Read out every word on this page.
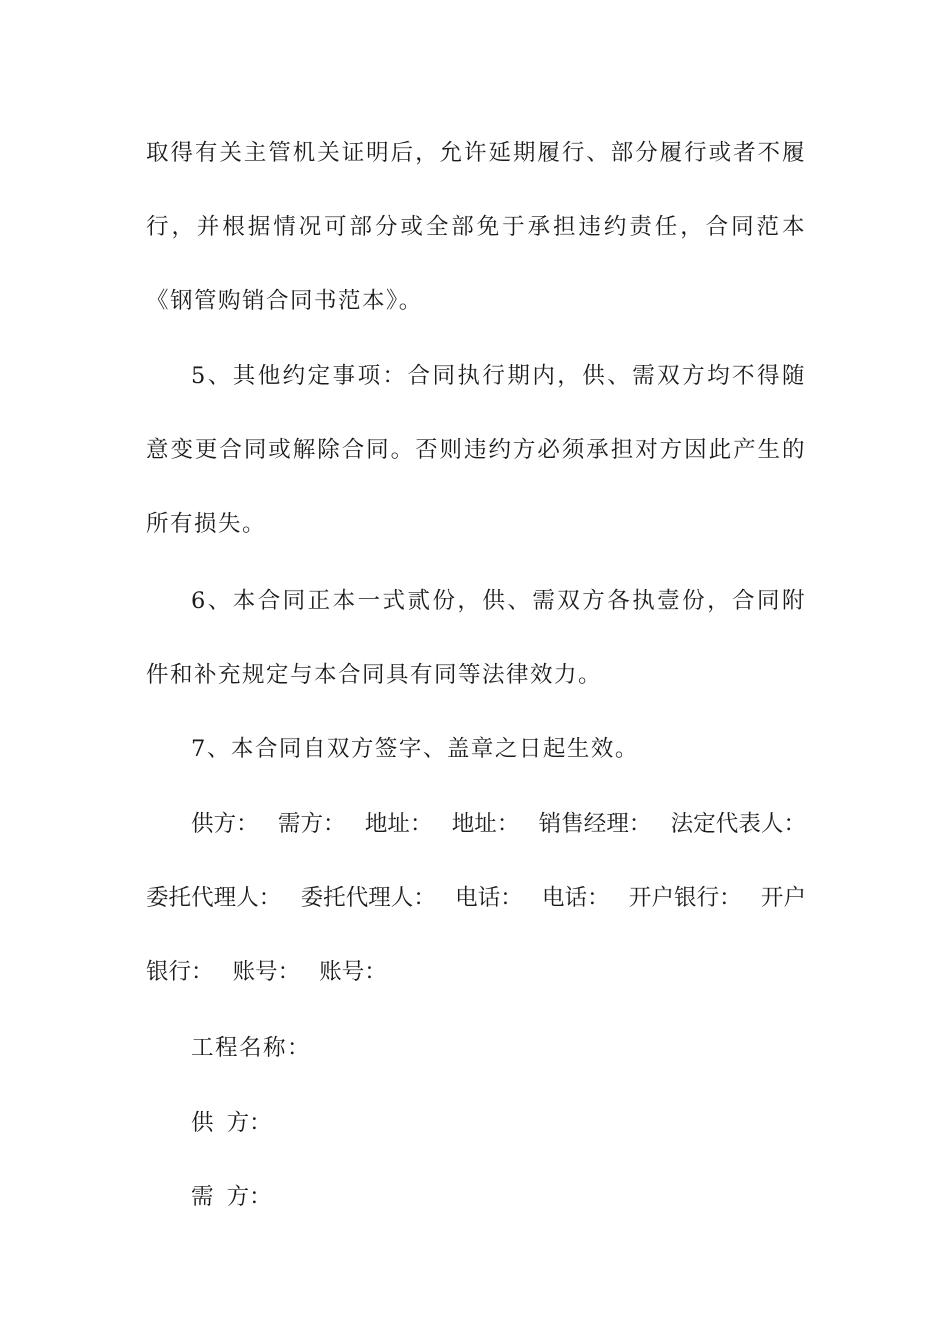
取得有关主管机关证明后，允许延期履行、部分履行或者不履行，并根据情况可部分或全部免于承担违约责任，合同范本《钢管购销合同书范本》。

5、其他约定事项：合同执行期内，供、需双方均不得随意变更合同或解除合同。否则违约方必须承担对方因此产生的所有损失。

6、本合同正本一式贰份，供、需双方各执壹份，合同附件和补充规定与本合同具有同等法律效力。

7、本合同自双方签字、盖章之日起生效。

供方： 需方： 地址： 地址： 销售经理： 法定代表人： 委托代理人： 委托代理人： 电话： 电话： 开户银行： 开户银行： 账号： 账号：

工程名称：

供 方：

需 方：
